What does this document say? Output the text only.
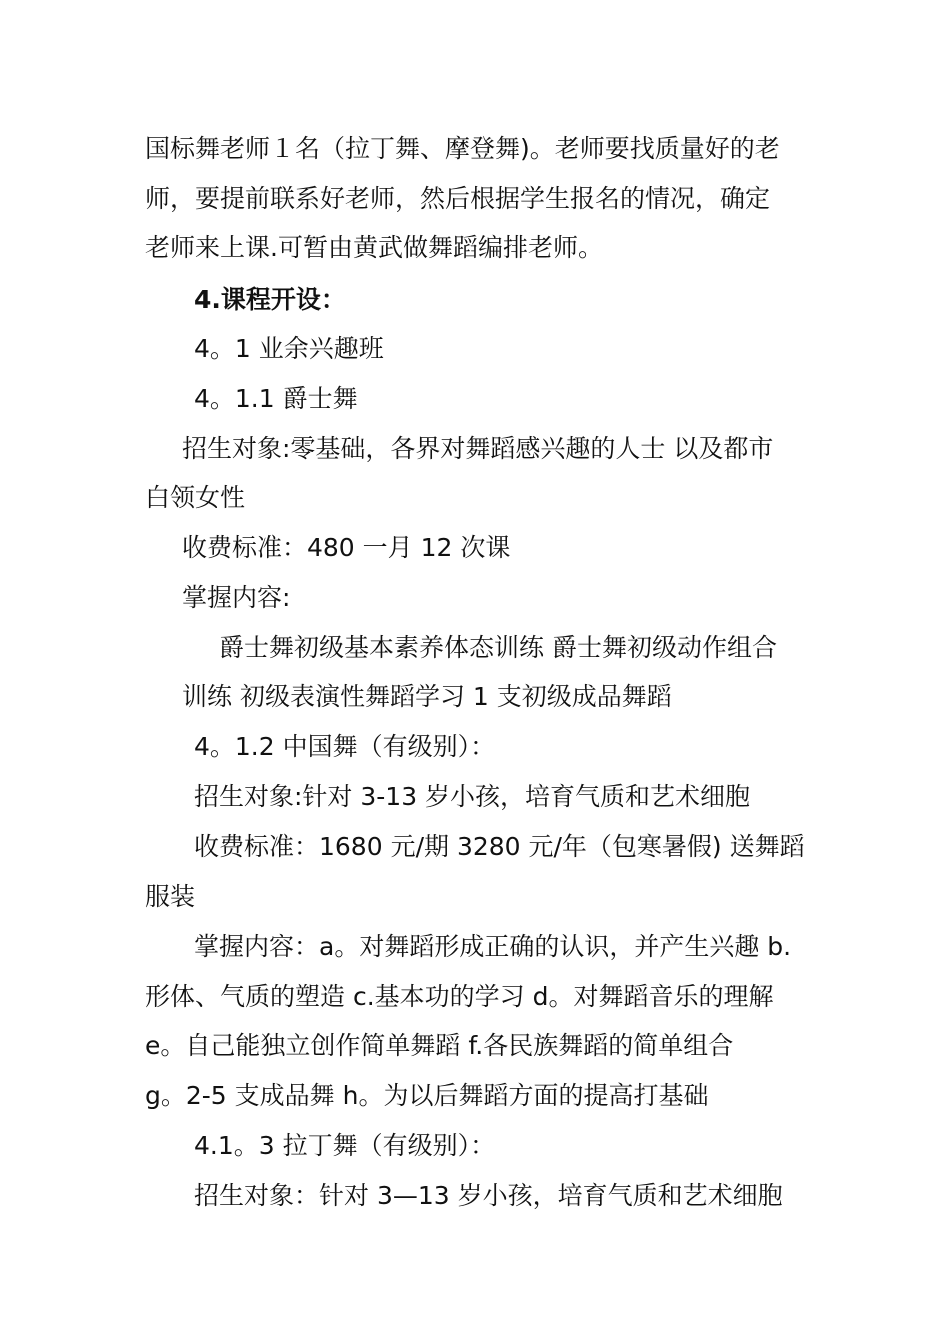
国标舞老师１名（拉丁舞、摩登舞)。老师要找质量好的老
师，要提前联系好老师，然后根据学生报名的情况，确定
老师来上课.可暂由黄武做舞蹈编排老师。
4.课程开设：
4。1 业余兴趣班
4。1.1 爵士舞
招生对象:零基础，各界对舞蹈感兴趣的人士 以及都市
白领女性
收费标准：480 一月 12 次课
掌握内容:
爵士舞初级基本素养体态训练 爵士舞初级动作组合
训练 初级表演性舞蹈学习 1 支初级成品舞蹈
4。1.2 中国舞（有级别）：
招生对象:针对 3-13 岁小孩，培育气质和艺术细胞
收费标准：1680 元/期 3280 元/年（包寒暑假) 送舞蹈
服装
掌握内容：a。对舞蹈形成正确的认识，并产生兴趣 b.
形体、气质的塑造 c.基本功的学习 d。对舞蹈音乐的理解
e。自己能独立创作简单舞蹈 f.各民族舞蹈的简单组合
g。2-5 支成品舞 h。为以后舞蹈方面的提高打基础
4.1。3 拉丁舞（有级别）：
招生对象：针对 3—13 岁小孩，培育气质和艺术细胞
